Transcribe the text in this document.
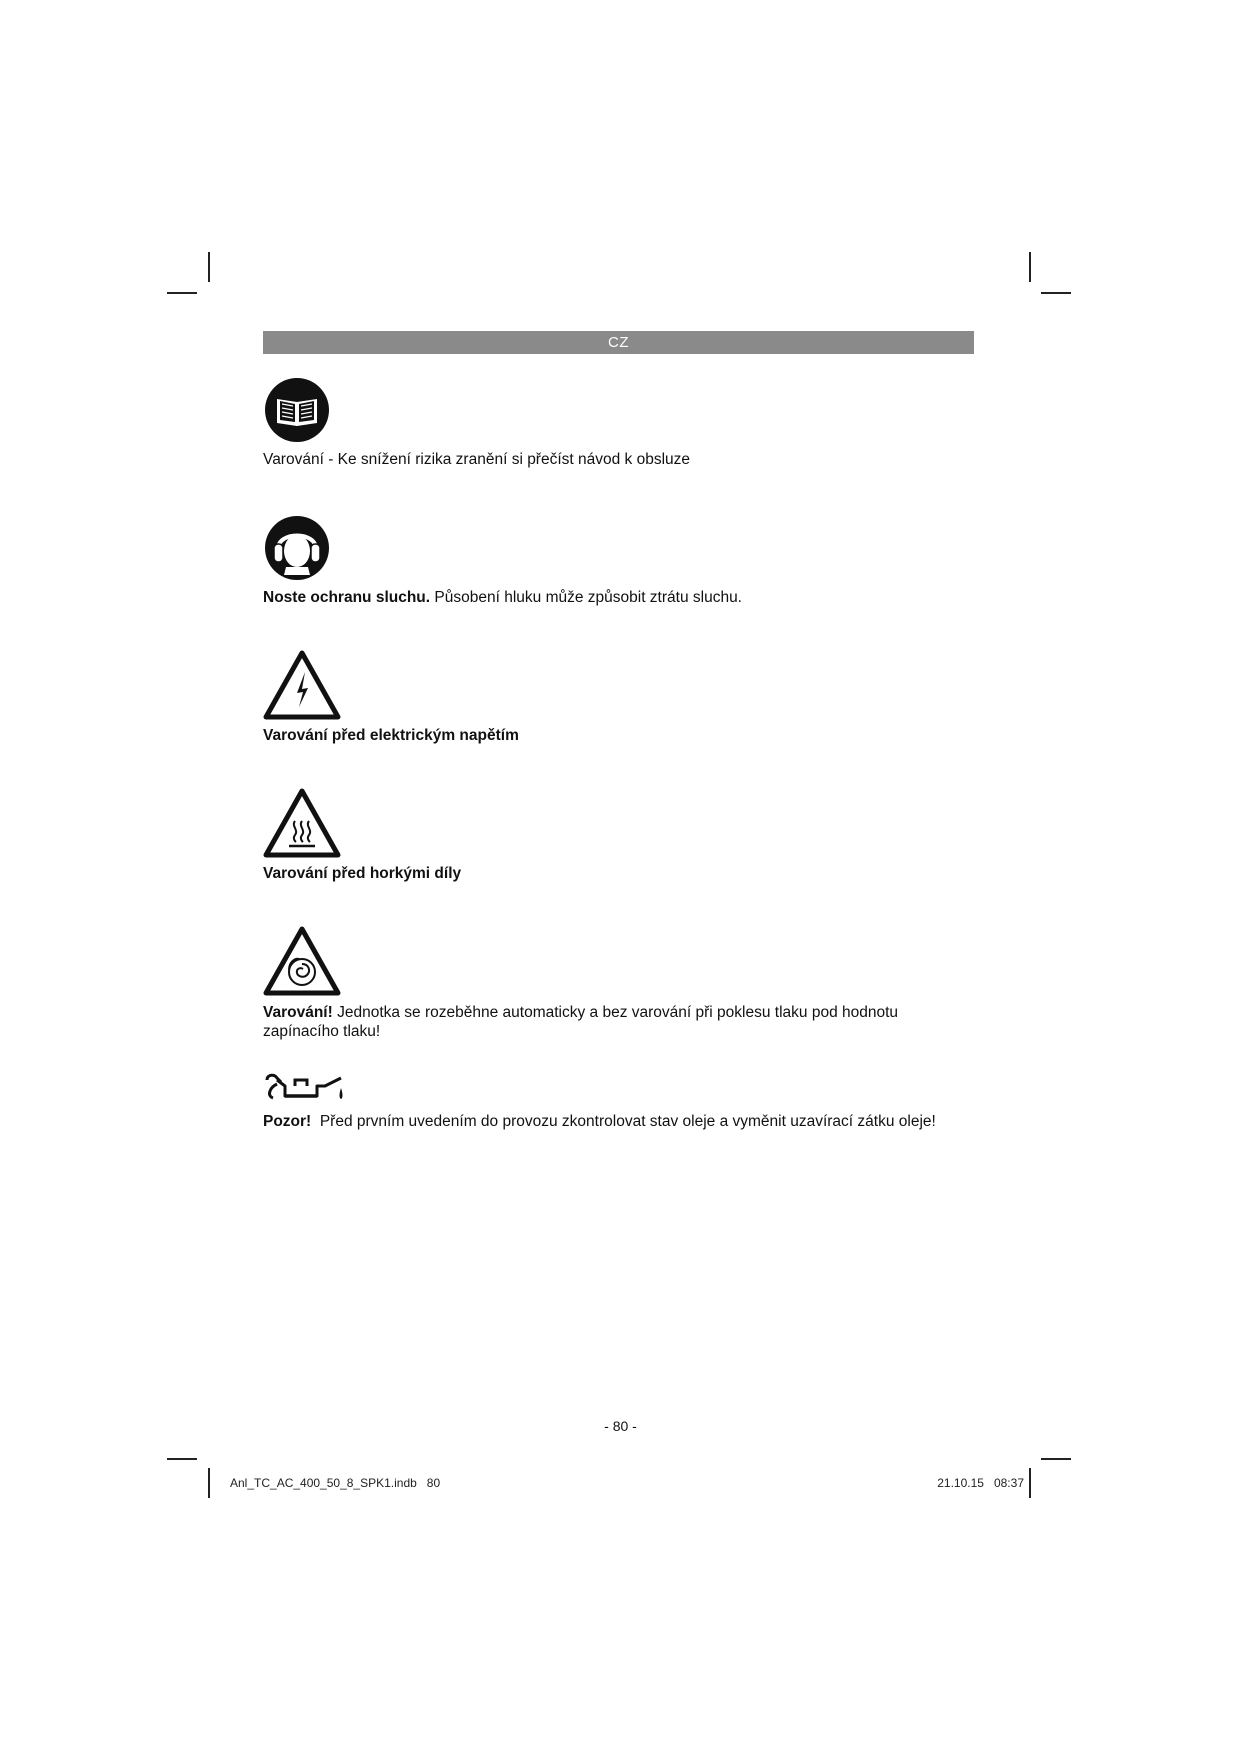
CZ
Varování - Ke snížení rizika zranění si přečíst návod k obsluze
Noste ochranu sluchu. Působení hluku může způsobit ztrátu sluchu.
Varování před elektrickým napětím
Varování před horkými díly
Varování! Jednotka se rozeběhne automaticky a bez varování při poklesu tlaku pod hodnotu zapínacího tlaku!
Pozor!  Před prvním uvedením do provozu zkontrolovat stav oleje a vyměnit uzavírací zátku oleje!
- 80 -
Anl_TC_AC_400_50_8_SPK1.indb   80	21.10.15   08:37
